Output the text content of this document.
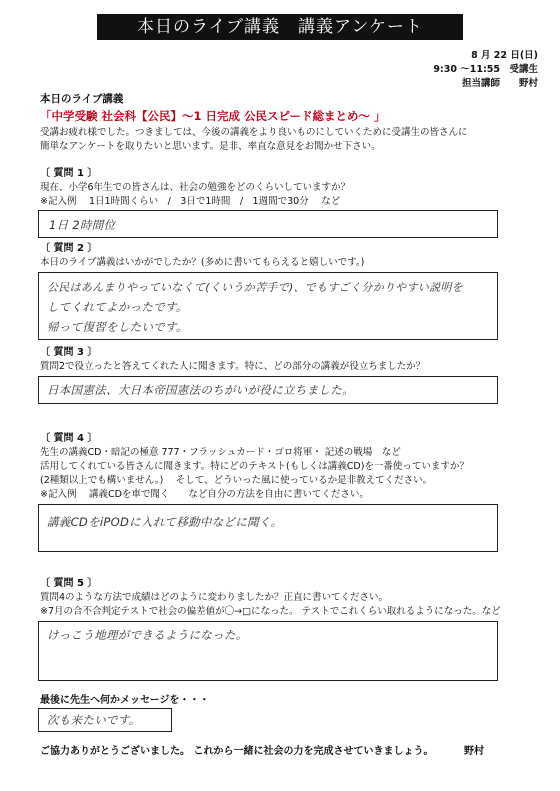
本日のライブ講義　講義アンケート
8 月 22 日(日)
9:30 ～11:55　受講生
担当講師　　野村
本日のライブ講義
「中学受験 社会科【公民】～1 日完成 公民スピード総まとめ～ 」
受講お疲れ様でした。つきましては、今後の講義をより良いものにしていくために受講生の皆さんに
簡単なアンケートを取りたいと思います。是非、率直な意見をお聞かせ下さい。
〔 質問 1 〕
現在、小学6年生での皆さんは、社会の勉強をどのくらいしていますか？
※記入例　 1日1時間くらい　/　3日で1時間　/　1週間で30分　 など
1日 2時間位
〔 質問 2 〕
本日のライブ講義はいかがでしたか？(多めに書いてもらえると嬉しいです。)
公民はあんまりやっていなくて(くいうか苦手で)、でもすごく分かりやすい説明を
してくれてよかったです。
帰って復習をしたいです。
〔 質問 3 〕
質問2で役立ったと答えてくれた人に聞きます。特に、どの部分の講義が役立ちましたか？
日本国憲法、大日本帝国憲法のちがいが役に立ちました。
〔 質問 4 〕
先生の講義CD・暗記の極意 777・フラッシュカード・ゴロ将軍・ 記述の戦場　など
活用してくれている皆さんに聞きます。特にどのテキスト(もしくは講義CD)を一番使っていますか？
(2種類以上でも構いません。)　 そして、どういった風に使っているか是非教えてください。
※記入例　 講義CDを車で聞く　　など自分の方法を自由に書いてください。
講義CDをiPODに入れて移動中などに聞く。
〔 質問 5 〕
質問4のような方法で成績はどのように変わりましたか？正直に書いてください。
※7月の合不合判定テストで社会の偏差値が〇→□になった。 テストでこれくらい取れるようになった。など
けっこう地理ができるようになった。
最後に先生へ何かメッセージを・・・
次も来たいです。
ご協力ありがとうございました。 これから一緒に社会の力を完成させていきましょう。	野村
